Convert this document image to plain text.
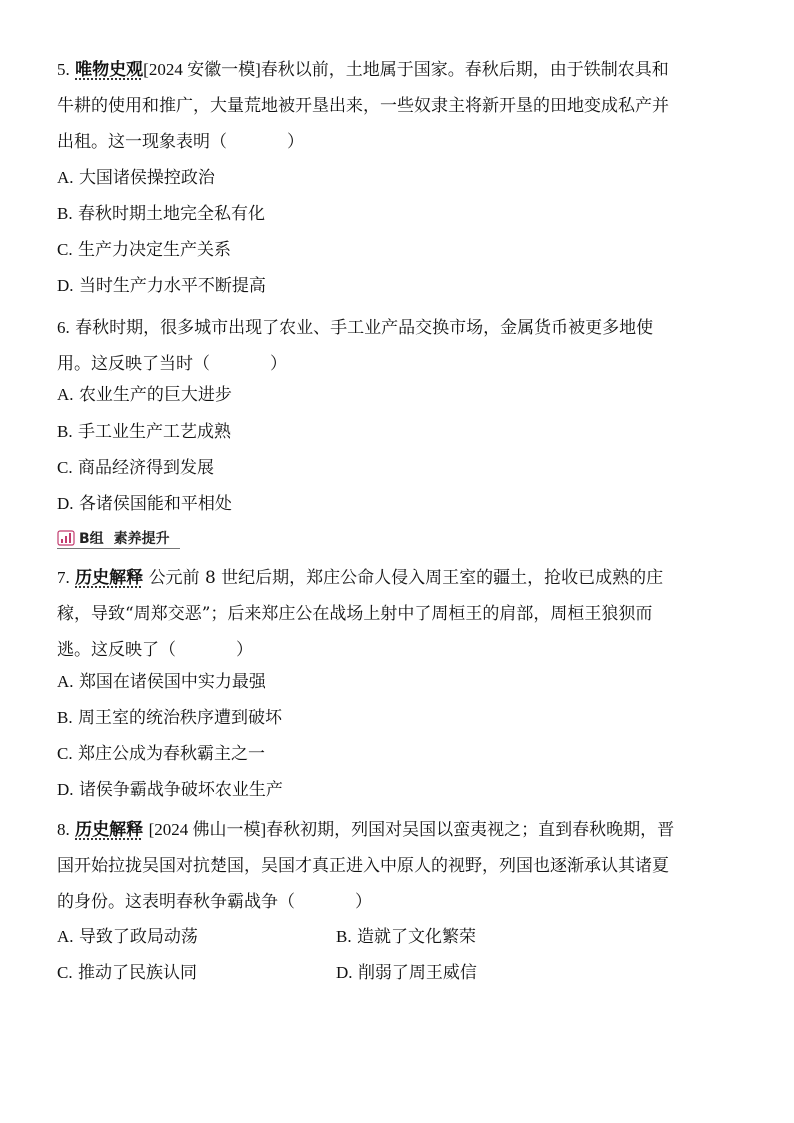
5. 唯物史观[2024 安徽一模]春秋以前，土地属于国家。春秋后期，由于铁制农具和
牛耕的使用和推广，大量荒地被开垦出来，一些奴隶主将新开垦的田地变成私产并
出租。这一现象表明（	）
A. 大国诸侯操控政治
B. 春秋时期土地完全私有化
C. 生产力决定生产关系
D. 当时生产力水平不断提高
6. 春秋时期，很多城市出现了农业、手工业产品交换市场，金属货币被更多地使
用。这反映了当时（	）
A. 农业生产的巨大进步
B. 手工业生产工艺成熟
C. 商品经济得到发展
D. 各诸侯国能和平相处
B组 素养提升
7. 历史解释 公元前 8 世纪后期，郑庄公命人侵入周王室的疆土，抢收已成熟的庄
稼，导致“周郑交恶”；后来郑庄公在战场上射中了周桓王的肩部，周桓王狼狈而
逃。这反映了（	）
A. 郑国在诸侯国中实力最强
B. 周王室的统治秩序遭到破坏
C. 郑庄公成为春秋霸主之一
D. 诸侯争霸战争破坏农业生产
8. 历史解释 [2024 佛山一模]春秋初期，列国对吴国以蛮夷视之；直到春秋晚期，晋
国开始拉拢吴国对抗楚国，吴国才真正进入中原人的视野，列国也逐渐承认其诸夏
的身份。这表明春秋争霸战争（	）
A. 导致了政局动荡	B. 造就了文化繁荣
C. 推动了民族认同	D. 削弱了周王威信
